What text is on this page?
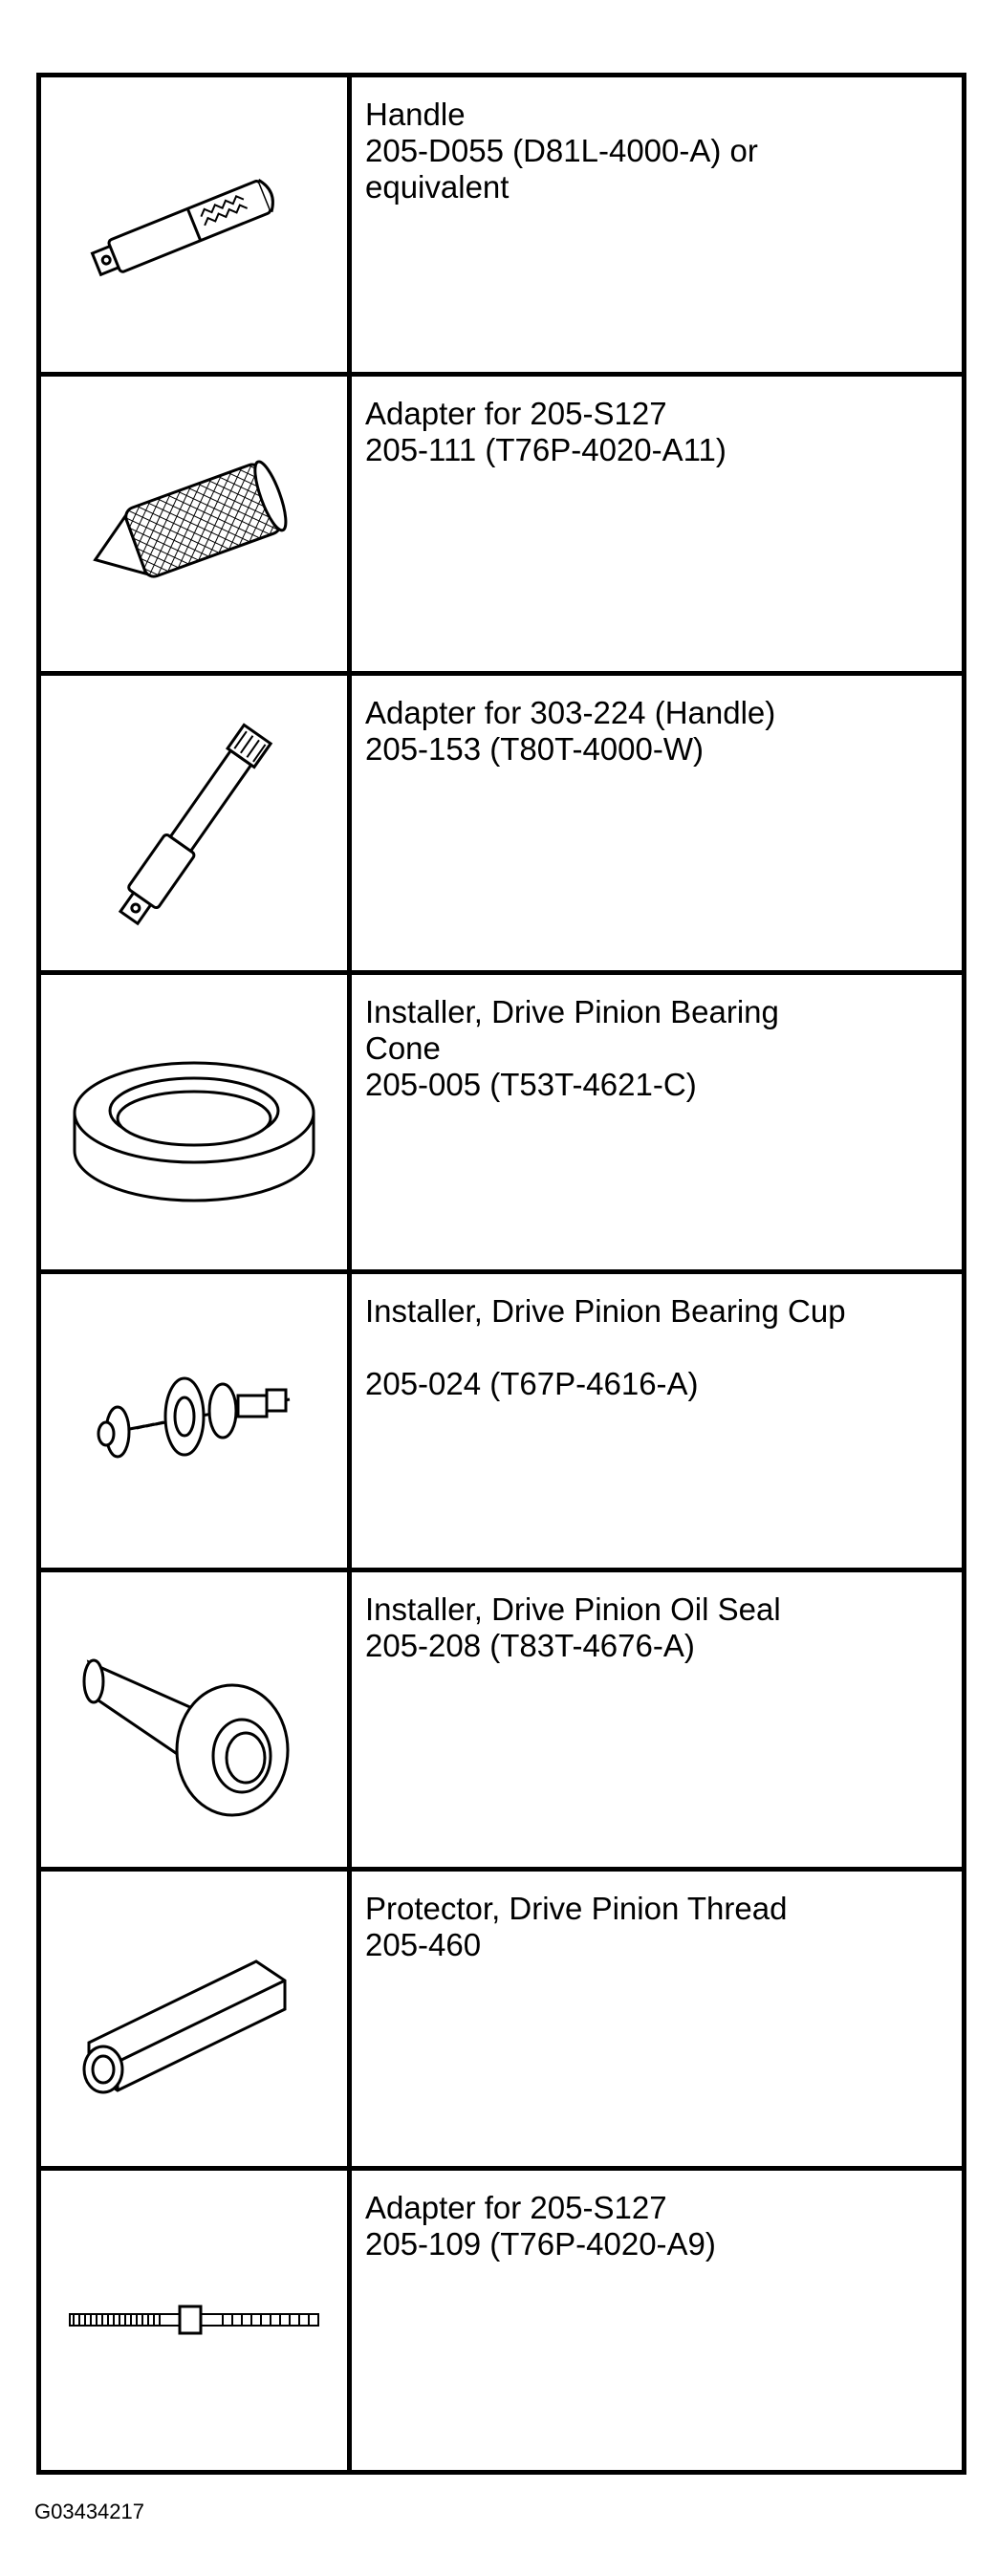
Handle
205-D055 (D81L-4000-A) or
equivalent
Adapter for 205-S127
205-111 (T76P-4020-A11)
Adapter for 303-224 (Handle)
205-153 (T80T-4000-W)
Installer, Drive Pinion Bearing
Cone
205-005 (T53T-4621-C)
Installer, Drive Pinion Bearing Cup

205-024 (T67P-4616-A)
Installer, Drive Pinion Oil Seal
205-208 (T83T-4676-A)
Protector, Drive Pinion Thread
205-460
Adapter for 205-S127
205-109 (T76P-4020-A9)
G03434217
